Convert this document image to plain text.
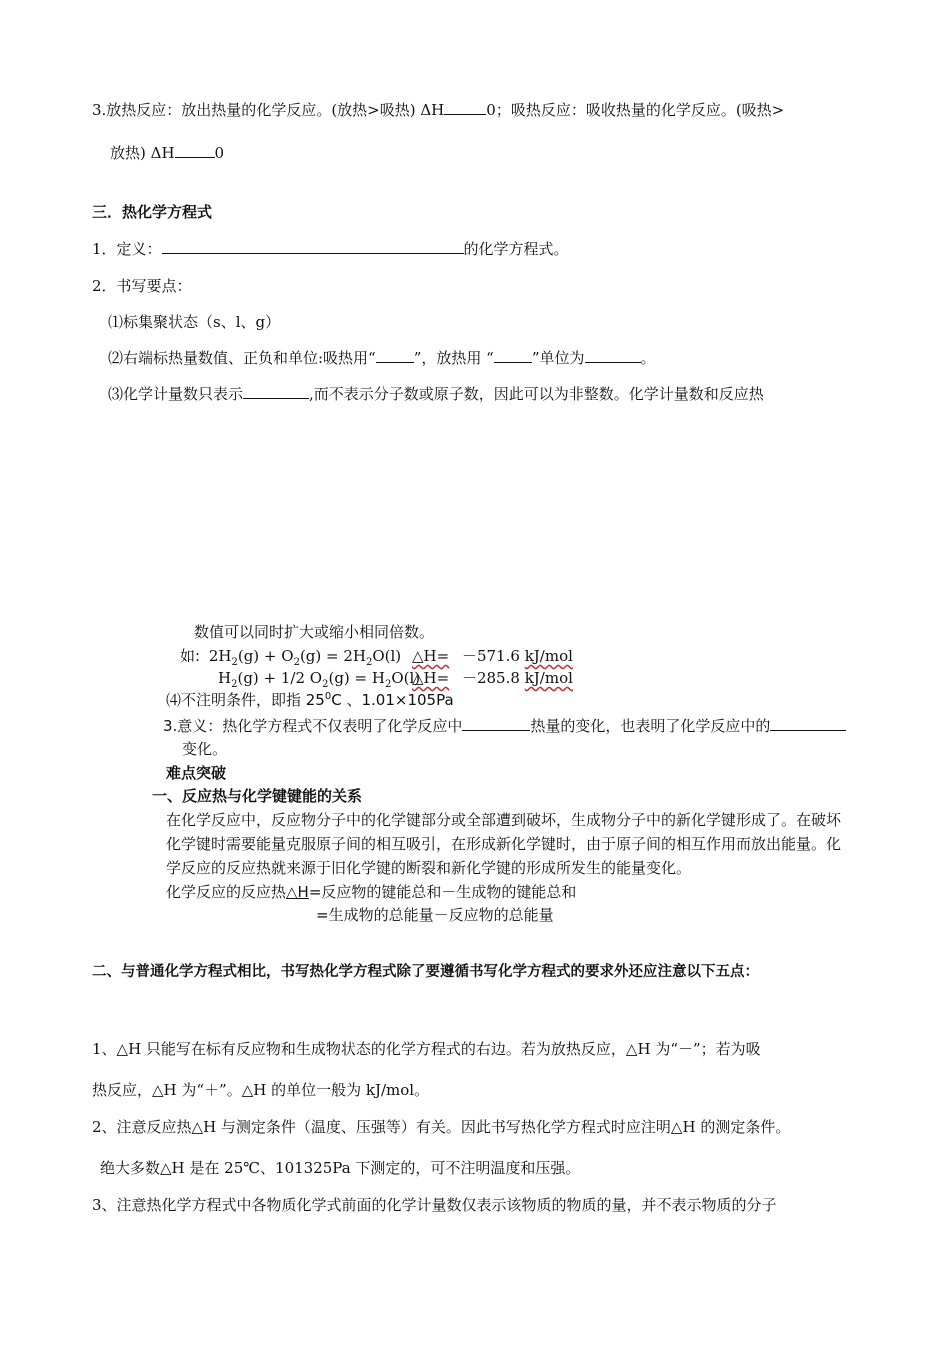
3.放热反应：放出热量的化学反应。(放热>吸热) ΔH	0；吸热反应：吸收热量的化学反应。(吸热>
放热) ΔH	0
三．热化学方程式
1．定义：	的化学方程式。
2．书写要点：
⑴标集聚状态（s、l、g）
⑵右端标热量数值、正负和单位:吸热用“	”，放热用 “	”单位为	。
⑶化学计量数只表示	,而不表示分子数或原子数，因此可以为非整数。化学计量数和反应热
数值可以同时扩大或缩小相同倍数。
如: $2H_2(g) + O_2(g) = 2H_2O(l)$ △H= －571.6 kJ/mol
$H_2(g) + 1/2$ $O_2(g) = H_2O(l)$
△H= －285.8 kJ/mol
⑷不注明条件，即指 $25^0C$ 、1.01×105Pa
3.意义：热化学方程式不仅表明了化学反应中	热量的变化，也表明了化学反应中的
变化。
难点突破
一、反应热与化学键键能的关系
在化学反应中，反应物分子中的化学键部分或全部遭到破坏，生成物分子中的新化学键形成了。在破坏
化学键时需要能量克服原子间的相互吸引，在形成新化学键时，由于原子间的相互作用而放出能量。化
学反应的反应热就来源于旧化学键的断裂和新化学键的形成所发生的能量变化。
化学反应的反应热△H=反应物的键能总和－生成物的键能总和
=生成物的总能量－反应物的总能量
二、与普通化学方程式相比，书写热化学方程式除了要遵循书写化学方程式的要求外还应注意以下五点：
1、△H 只能写在标有反应物和生成物状态的化学方程式的右边。若为放热反应，△H 为“－”；若为吸
热反应，△H 为“＋”。△H 的单位一般为 kJ/mol。
2、注意反应热△H 与测定条件（温度、压强等）有关。因此书写热化学方程式时应注明△H 的测定条件。
绝大多数△H 是在 25℃、101325Pa 下测定的，可不注明温度和压强。
3、注意热化学方程式中各物质化学式前面的化学计量数仅表示该物质的物质的量，并不表示物质的分子
